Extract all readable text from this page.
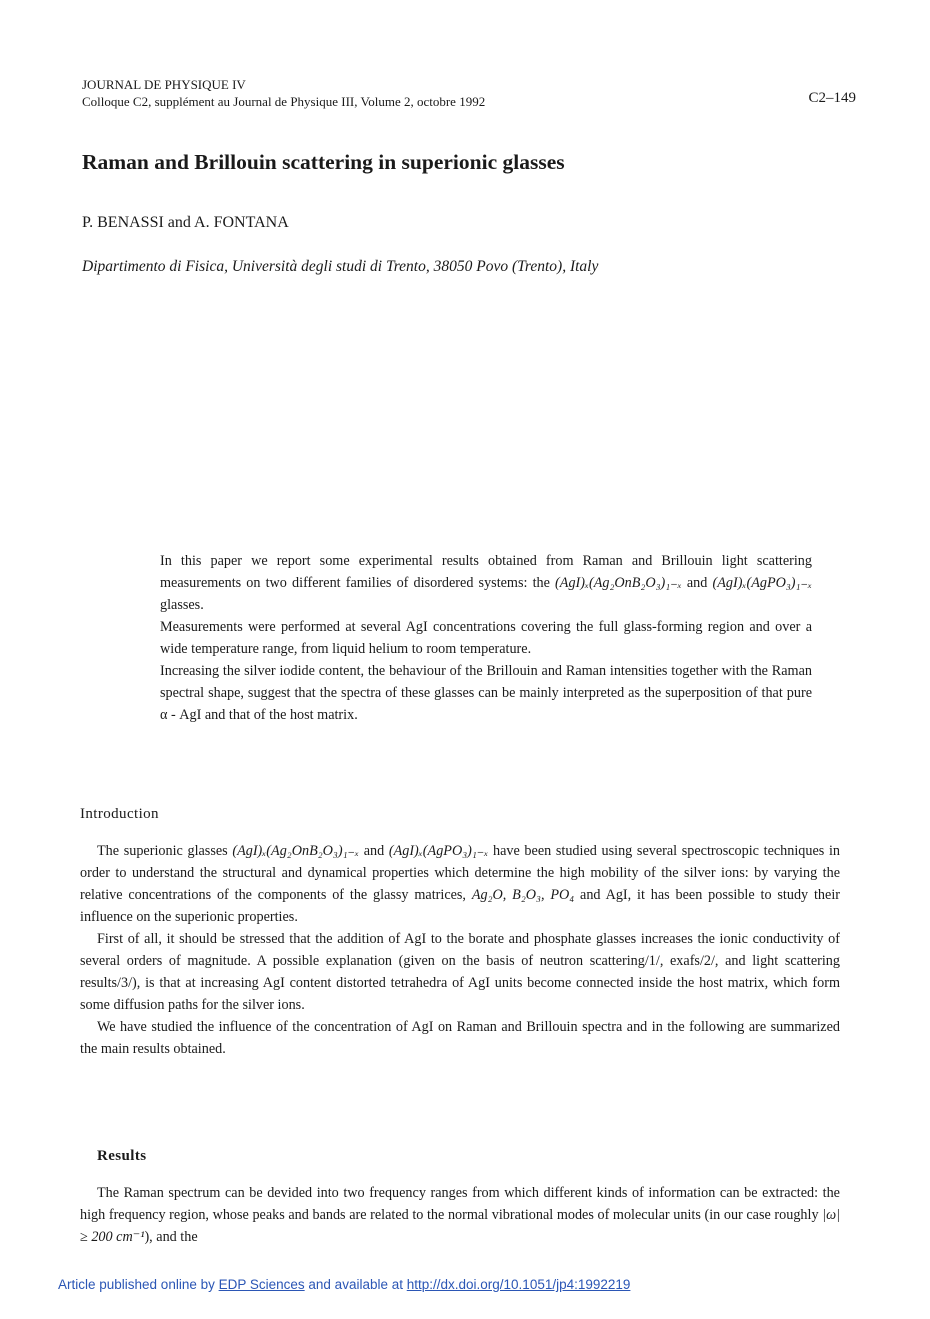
JOURNAL DE PHYSIQUE IV
Colloque C2, supplément au Journal de Physique III, Volume 2, octobre 1992	C2–149
Raman and Brillouin scattering in superionic glasses
P. BENASSI and A. FONTANA
Dipartimento di Fisica, Università degli studi di Trento, 38050 Povo (Trento), Italy

In this paper we report some experimental results obtained from Raman and Brillouin light scattering measurements on two different families of disordered systems: the (AgI)ₓ(Ag₂OnB₂O₃)₁₋ₓ and (AgI)ₓ(AgPO₃)₁₋ₓ glasses.

Measurements were performed at several AgI concentrations covering the full glass-forming region and over a wide temperature range, from liquid helium to room temperature.

Increasing the silver iodide content, the behaviour of the Brillouin and Raman intensities together with the Raman spectral shape, suggest that the spectra of these glasses can be mainly interpreted as the superposition of that pure α - AgI and that of the host matrix.

Introduction

The superionic glasses (AgI)ₓ(Ag₂OnB₂O₃)₁₋ₓ and (AgI)ₓ(AgPO₃)₁₋ₓ have been studied using several spectroscopic techniques in order to understand the structural and dynamical properties which determine the high mobility of the silver ions: by varying the relative concentrations of the components of the glassy matrices, Ag₂O, B₂O₃, PO₄ and AgI, it has been possible to study their influence on the superionic properties.

First of all, it should be stressed that the addition of AgI to the borate and phosphate glasses increases the ionic conductivity of several orders of magnitude. A possible explanation (given on the basis of neutron scattering/1/, exafs/2/, and light scattering results/3/), is that at increasing AgI content distorted tetrahedra of AgI units become connected inside the host matrix, which form some diffusion paths for the silver ions.

We have studied the influence of the concentration of AgI on Raman and Brillouin spectra and in the following are summarized the main results obtained.

Results

The Raman spectrum can be devided into two frequency ranges from which different kinds of information can be extracted: the high frequency region, whose peaks and bands are related to the normal vibrational modes of molecular units (in our case roughly |ω| ≥ 200 cm⁻¹), and the

Article published online by EDP Sciences and available at http://dx.doi.org/10.1051/jp4:1992219
